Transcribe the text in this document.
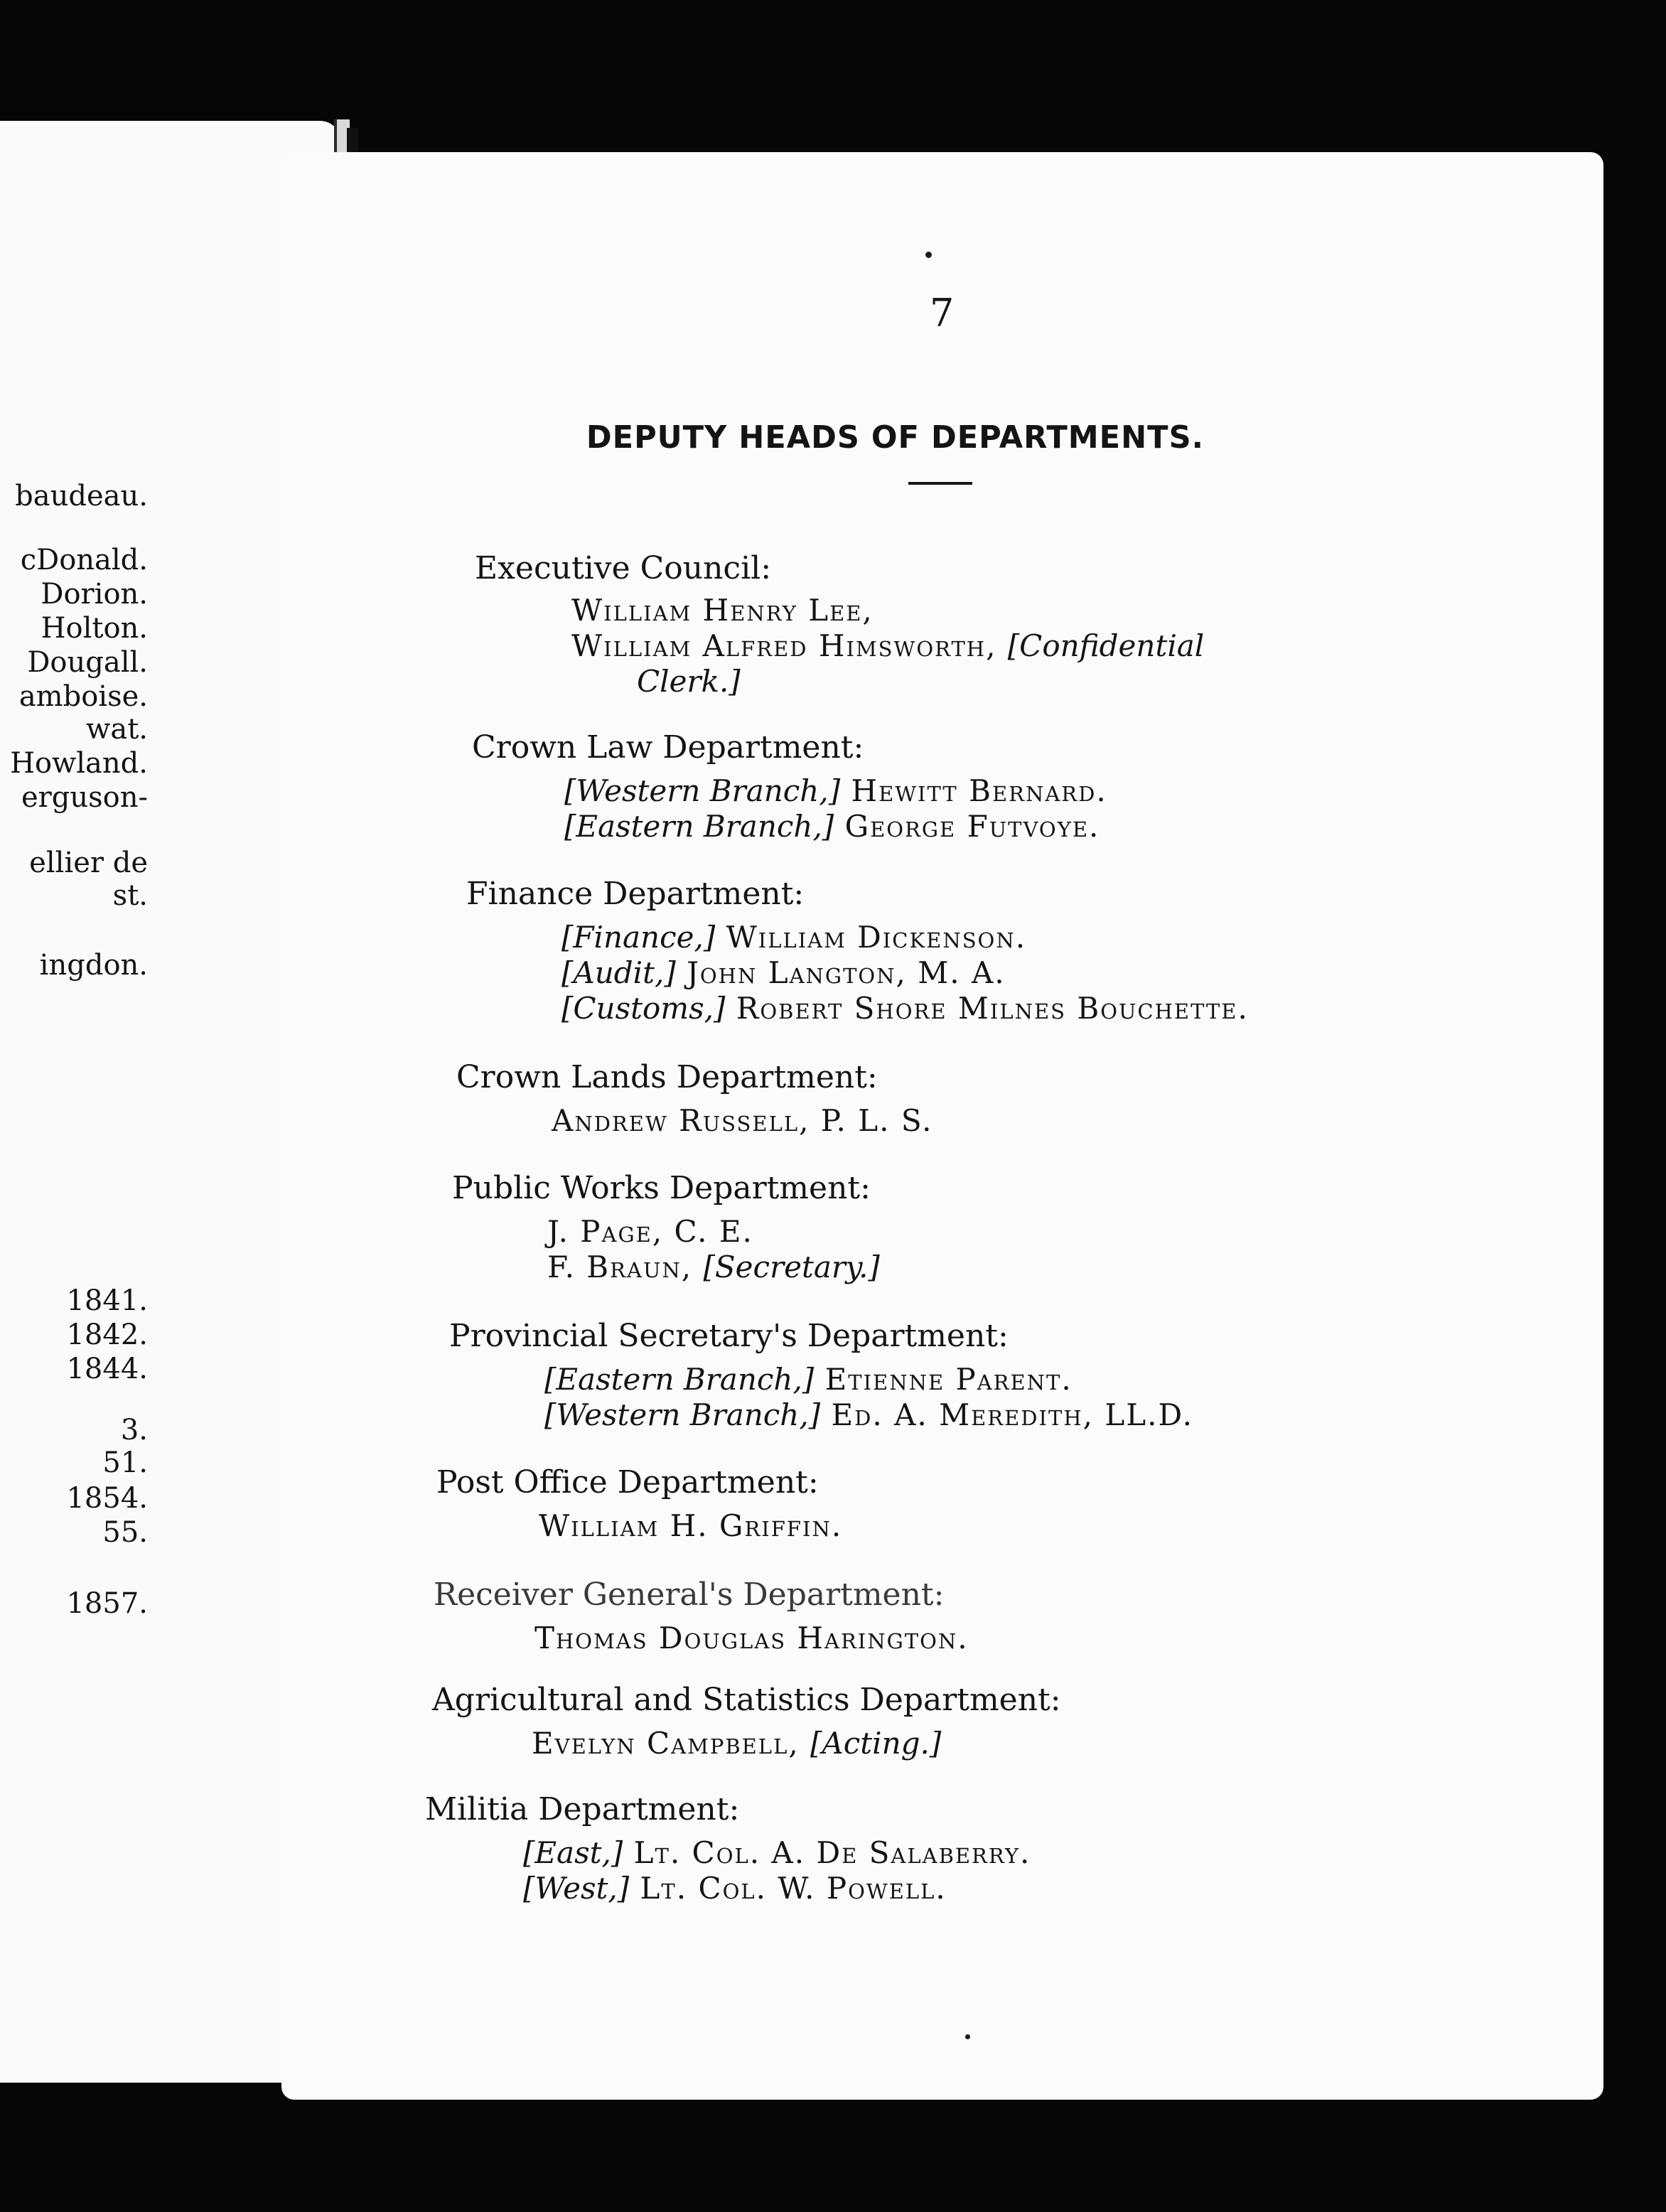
baudeau.
cDonald.
Dorion.
Holton.
Dougall.
amboise.
wat.
Howland.
erguson-
ellier de
st.
ingdon.
1841.
1842.
1844.
3.
51.
1854.
55.
1857.
7
DEPUTY HEADS OF DEPARTMENTS.
Executive Council:
William Henry Lee,
William Alfred Himsworth, [Confidential
Clerk.]
Crown Law Department:
[Western Branch,] Hewitt Bernard.
[Eastern Branch,] George Futvoye.
Finance Department:
[Finance,] William Dickenson.
[Audit,] John Langton, M. A.
[Customs,] Robert Shore Milnes Bouchette.
Crown Lands Department:
Andrew Russell, P. L. S.
Public Works Department:
J. Page, C. E.
F. Braun, [Secretary.]
Provincial Secretary's Department:
[Eastern Branch,] Etienne Parent.
[Western Branch,] Ed. A. Meredith, LL.D.
Post Office Department:
William H. Griffin.
Receiver General's Department:
Thomas Douglas Harington.
Agricultural and Statistics Department:
Evelyn Campbell, [Acting.]
Militia Department:
[East,] Lt. Col. A. De Salaberry.
[West,] Lt. Col. W. Powell.
